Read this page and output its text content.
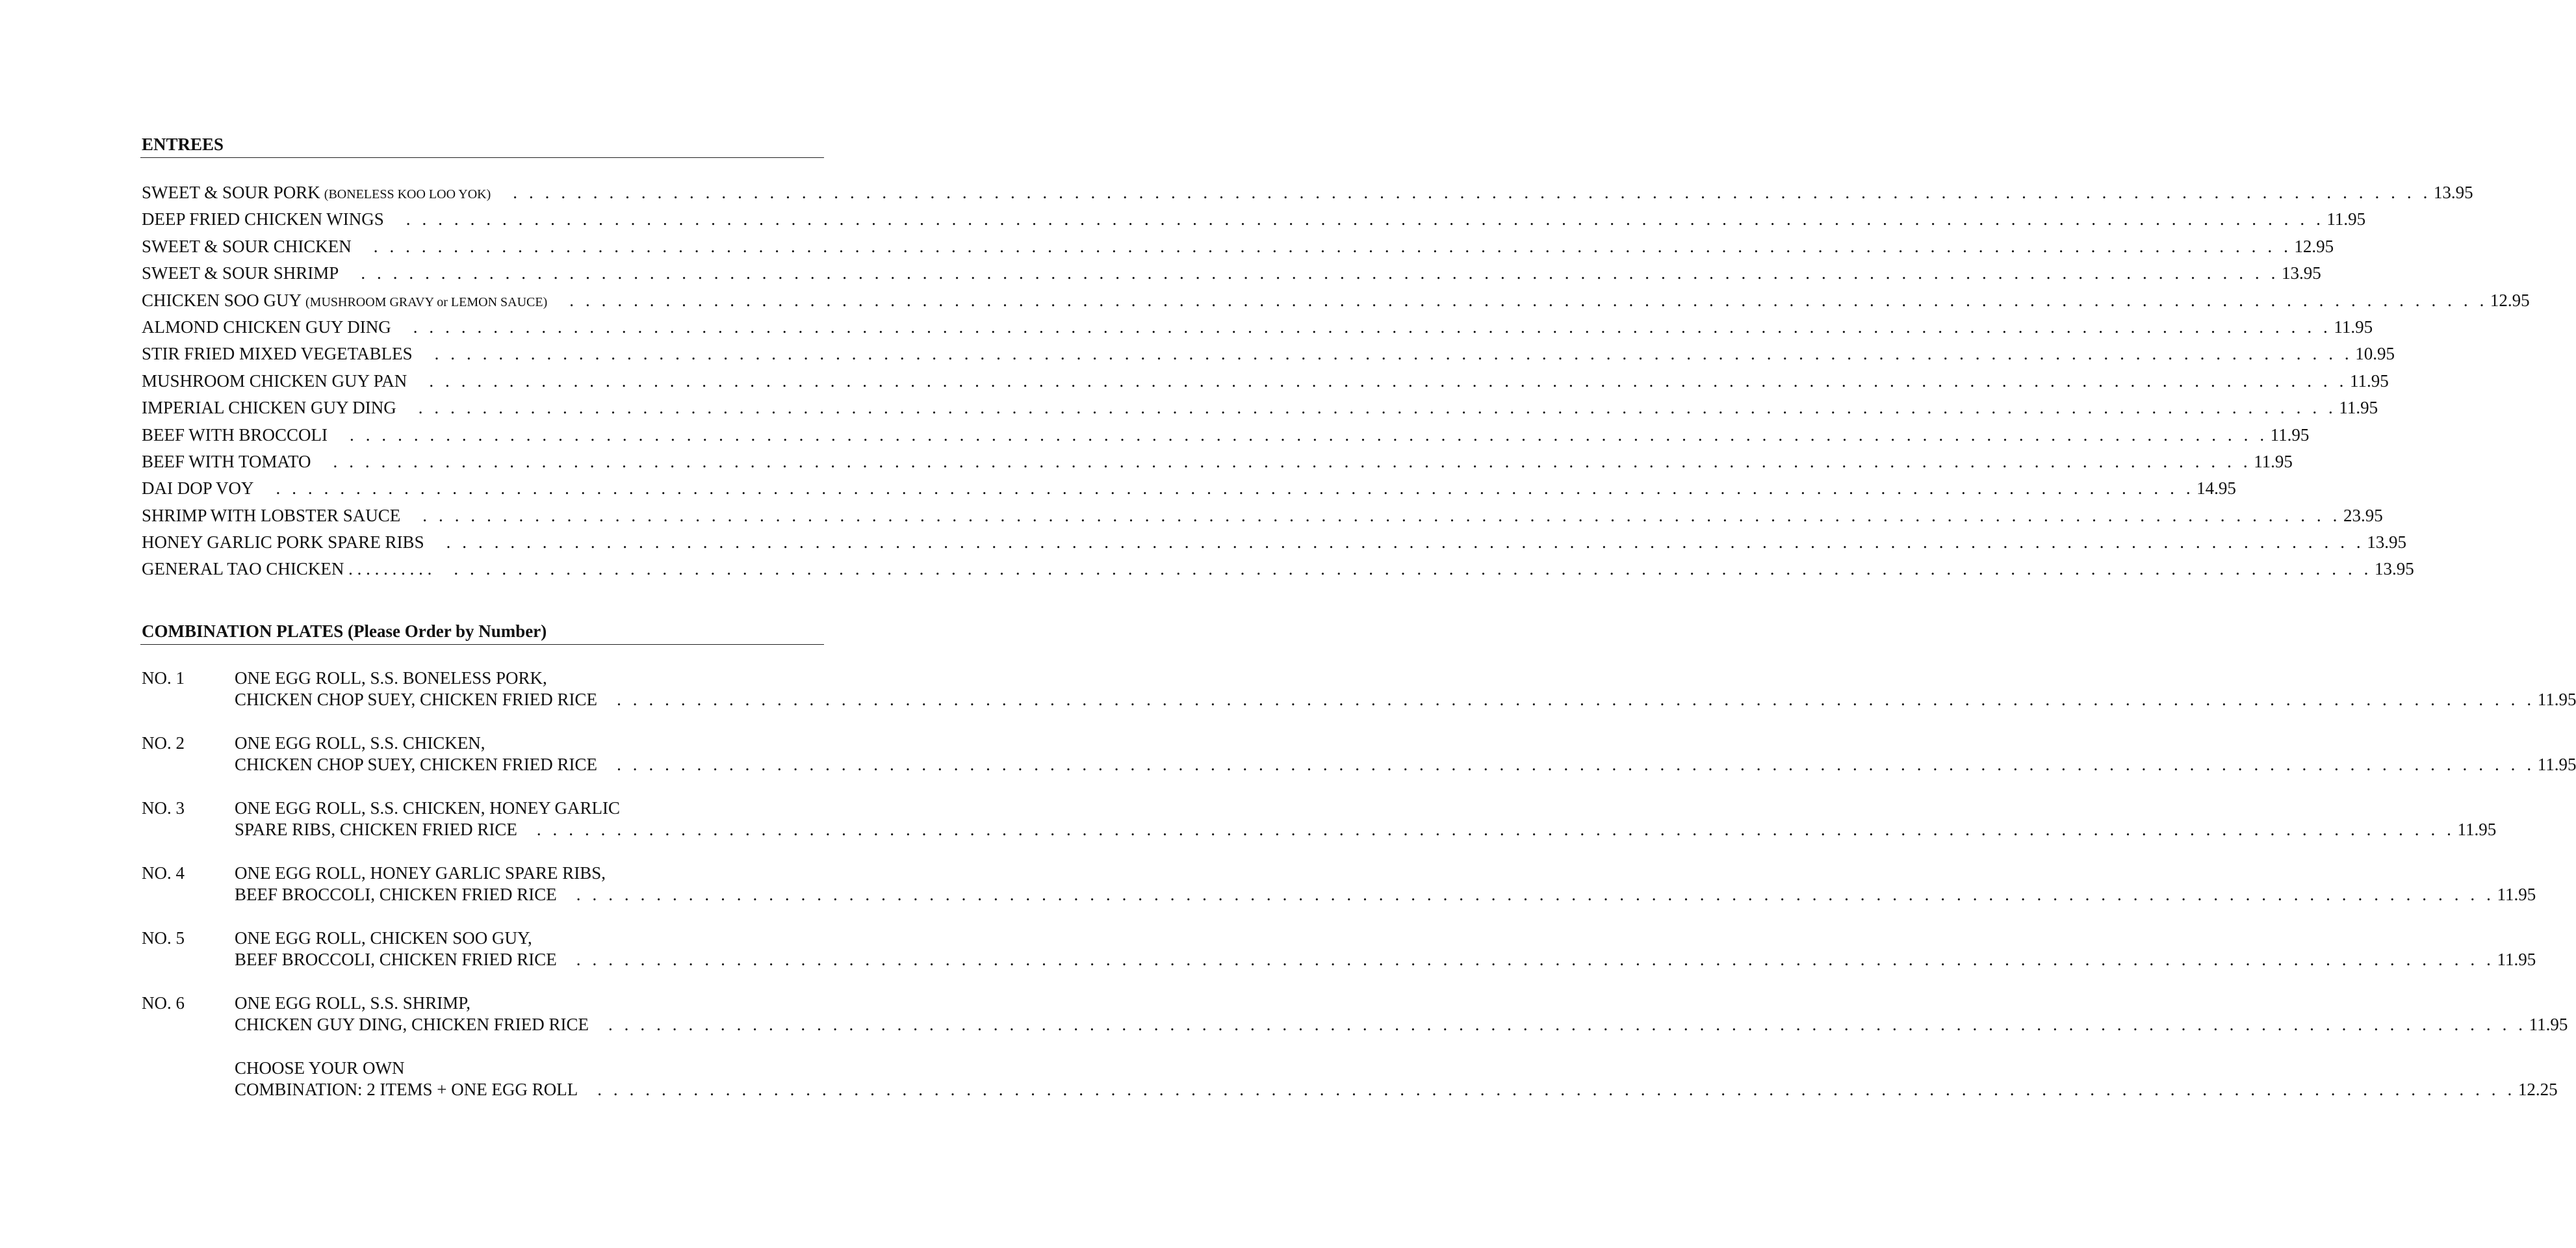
ENTREES
SWEET & SOUR PORK (BONELESS KOO LOO YOK) . . . . . . . . . . . . . . . . . . . . . . . . . . . . . . . . . . . . . . . . . . . . . . . . . . . . . . . . . . . . . . . . . . . . . . . . . . . . . . . . . . . . . . . . . . . . . . . . . . . . . . . . . . . . . . . . . . . . . . . . 13.95
DEEP FRIED CHICKEN WINGS . . . . . . . . . . . . . . . . . . . . . . . . . . . . . . . . . . . . . . . . . . . . . . . . . . . . . . . . . . . . . . . . . . . . . . . . . . . . . . . . . . . . . . . . . . . . . . . . . . . . . . . . . . . . . . . . . . . . . . . . 11.95
SWEET & SOUR CHICKEN . . . . . . . . . . . . . . . . . . . . . . . . . . . . . . . . . . . . . . . . . . . . . . . . . . . . . . . . . . . . . . . . . . . . . . . . . . . . . . . . . . . . . . . . . . . . . . . . . . . . . . . . . . . . . . . . . . . . . . . . 12.95
SWEET & SOUR SHRIMP . . . . . . . . . . . . . . . . . . . . . . . . . . . . . . . . . . . . . . . . . . . . . . . . . . . . . . . . . . . . . . . . . . . . . . . . . . . . . . . . . . . . . . . . . . . . . . . . . . . . . . . . . . . . . . . . . . . . . . . . 13.95
CHICKEN SOO GUY (MUSHROOM GRAVY or LEMON SAUCE) . . . . . . . . . . . . . . . . . . . . . . . . . . . . . . . . . . . . . . . . . . . . . . . . . . . . . . . . . . . . . . . . . . . . . . . . . . . . . . . . . . . . . . . . . . . . . . . . . . . . . . . . . . . . . . . . . . . . . . . . 12.95
ALMOND CHICKEN GUY DING . . . . . . . . . . . . . . . . . . . . . . . . . . . . . . . . . . . . . . . . . . . . . . . . . . . . . . . . . . . . . . . . . . . . . . . . . . . . . . . . . . . . . . . . . . . . . . . . . . . . . . . . . . . . . . . . . . . . . . . . 11.95
STIR FRIED MIXED VEGETABLES . . . . . . . . . . . . . . . . . . . . . . . . . . . . . . . . . . . . . . . . . . . . . . . . . . . . . . . . . . . . . . . . . . . . . . . . . . . . . . . . . . . . . . . . . . . . . . . . . . . . . . . . . . . . . . . . . . . . . . . . 10.95
MUSHROOM CHICKEN GUY PAN . . . . . . . . . . . . . . . . . . . . . . . . . . . . . . . . . . . . . . . . . . . . . . . . . . . . . . . . . . . . . . . . . . . . . . . . . . . . . . . . . . . . . . . . . . . . . . . . . . . . . . . . . . . . . . . . . . . . . . . . 11.95
IMPERIAL CHICKEN GUY DING . . . . . . . . . . . . . . . . . . . . . . . . . . . . . . . . . . . . . . . . . . . . . . . . . . . . . . . . . . . . . . . . . . . . . . . . . . . . . . . . . . . . . . . . . . . . . . . . . . . . . . . . . . . . . . . . . . . . . . . . 11.95
BEEF WITH BROCCOLI . . . . . . . . . . . . . . . . . . . . . . . . . . . . . . . . . . . . . . . . . . . . . . . . . . . . . . . . . . . . . . . . . . . . . . . . . . . . . . . . . . . . . . . . . . . . . . . . . . . . . . . . . . . . . . . . . . . . . . . . 11.95
BEEF WITH TOMATO . . . . . . . . . . . . . . . . . . . . . . . . . . . . . . . . . . . . . . . . . . . . . . . . . . . . . . . . . . . . . . . . . . . . . . . . . . . . . . . . . . . . . . . . . . . . . . . . . . . . . . . . . . . . . . . . . . . . . . . . 11.95
DAI DOP VOY . . . . . . . . . . . . . . . . . . . . . . . . . . . . . . . . . . . . . . . . . . . . . . . . . . . . . . . . . . . . . . . . . . . . . . . . . . . . . . . . . . . . . . . . . . . . . . . . . . . . . . . . . . . . . . . . . . . . . . . . 14.95
SHRIMP WITH LOBSTER SAUCE . . . . . . . . . . . . . . . . . . . . . . . . . . . . . . . . . . . . . . . . . . . . . . . . . . . . . . . . . . . . . . . . . . . . . . . . . . . . . . . . . . . . . . . . . . . . . . . . . . . . . . . . . . . . . . . . . . . . . . . . 23.95
HONEY GARLIC PORK SPARE RIBS . . . . . . . . . . . . . . . . . . . . . . . . . . . . . . . . . . . . . . . . . . . . . . . . . . . . . . . . . . . . . . . . . . . . . . . . . . . . . . . . . . . . . . . . . . . . . . . . . . . . . . . . . . . . . . . . . . . . . . . . 13.95
GENERAL TAO CHICKEN . . . . . . . . . . . . . . . . . . . . . . . . . . . . . . . . . . . . . . . . . . . . . . . . . . . . . . . . . . . . . . . . . . . . . . . . . . . . . . . . . . . . . . . . . . . . . . . . . . . . . . . . . . . . . . . . . . . . . . . . . . . . . . . . . . 13.95
COMBINATION PLATES (Please Order by Number)
NO. 1	ONE EGG ROLL, S.S. BONELESS PORK,
CHICKEN CHOP SUEY, CHICKEN FRIED RICE . . . . . . . . . . . . . . . . . . . . . . . . . . . . . . . . . . . . . . . . . . . . . . . . . . . . . . . . . . . . . . . . . . . . . . . . . . . . . . . . . . . . . . . . . . . . . . . . . . . . . . . . . . . . . . . . . . . . . . . . 11.95
NO. 2	ONE EGG ROLL, S.S. CHICKEN,
CHICKEN CHOP SUEY, CHICKEN FRIED RICE . . . . . . . . . . . . . . . . . . . . . . . . . . . . . . . . . . . . . . . . . . . . . . . . . . . . . . . . . . . . . . . . . . . . . . . . . . . . . . . . . . . . . . . . . . . . . . . . . . . . . . . . . . . . . . . . . . . . . . . . 11.95
NO. 3	ONE EGG ROLL, S.S. CHICKEN, HONEY GARLIC
SPARE RIBS, CHICKEN FRIED RICE . . . . . . . . . . . . . . . . . . . . . . . . . . . . . . . . . . . . . . . . . . . . . . . . . . . . . . . . . . . . . . . . . . . . . . . . . . . . . . . . . . . . . . . . . . . . . . . . . . . . . . . . . . . . . . . . . . . . . . . . 11.95
NO. 4	ONE EGG ROLL, HONEY GARLIC SPARE RIBS,
BEEF BROCCOLI, CHICKEN FRIED RICE . . . . . . . . . . . . . . . . . . . . . . . . . . . . . . . . . . . . . . . . . . . . . . . . . . . . . . . . . . . . . . . . . . . . . . . . . . . . . . . . . . . . . . . . . . . . . . . . . . . . . . . . . . . . . . . . . . . . . . . . 11.95
NO. 5	ONE EGG ROLL, CHICKEN SOO GUY,
BEEF BROCCOLI, CHICKEN FRIED RICE . . . . . . . . . . . . . . . . . . . . . . . . . . . . . . . . . . . . . . . . . . . . . . . . . . . . . . . . . . . . . . . . . . . . . . . . . . . . . . . . . . . . . . . . . . . . . . . . . . . . . . . . . . . . . . . . . . . . . . . . 11.95
NO. 6	ONE EGG ROLL, S.S. SHRIMP,
CHICKEN GUY DING, CHICKEN FRIED RICE . . . . . . . . . . . . . . . . . . . . . . . . . . . . . . . . . . . . . . . . . . . . . . . . . . . . . . . . . . . . . . . . . . . . . . . . . . . . . . . . . . . . . . . . . . . . . . . . . . . . . . . . . . . . . . . . . . . . . . . . 11.95
CHOOSE YOUR OWN
COMBINATION: 2 ITEMS + ONE EGG ROLL . . . . . . . . . . . . . . . . . . . . . . . . . . . . . . . . . . . . . . . . . . . . . . . . . . . . . . . . . . . . . . . . . . . . . . . . . . . . . . . . . . . . . . . . . . . . . . . . . . . . . . . . . . . . . . . . . . . . . . . . 12.25
